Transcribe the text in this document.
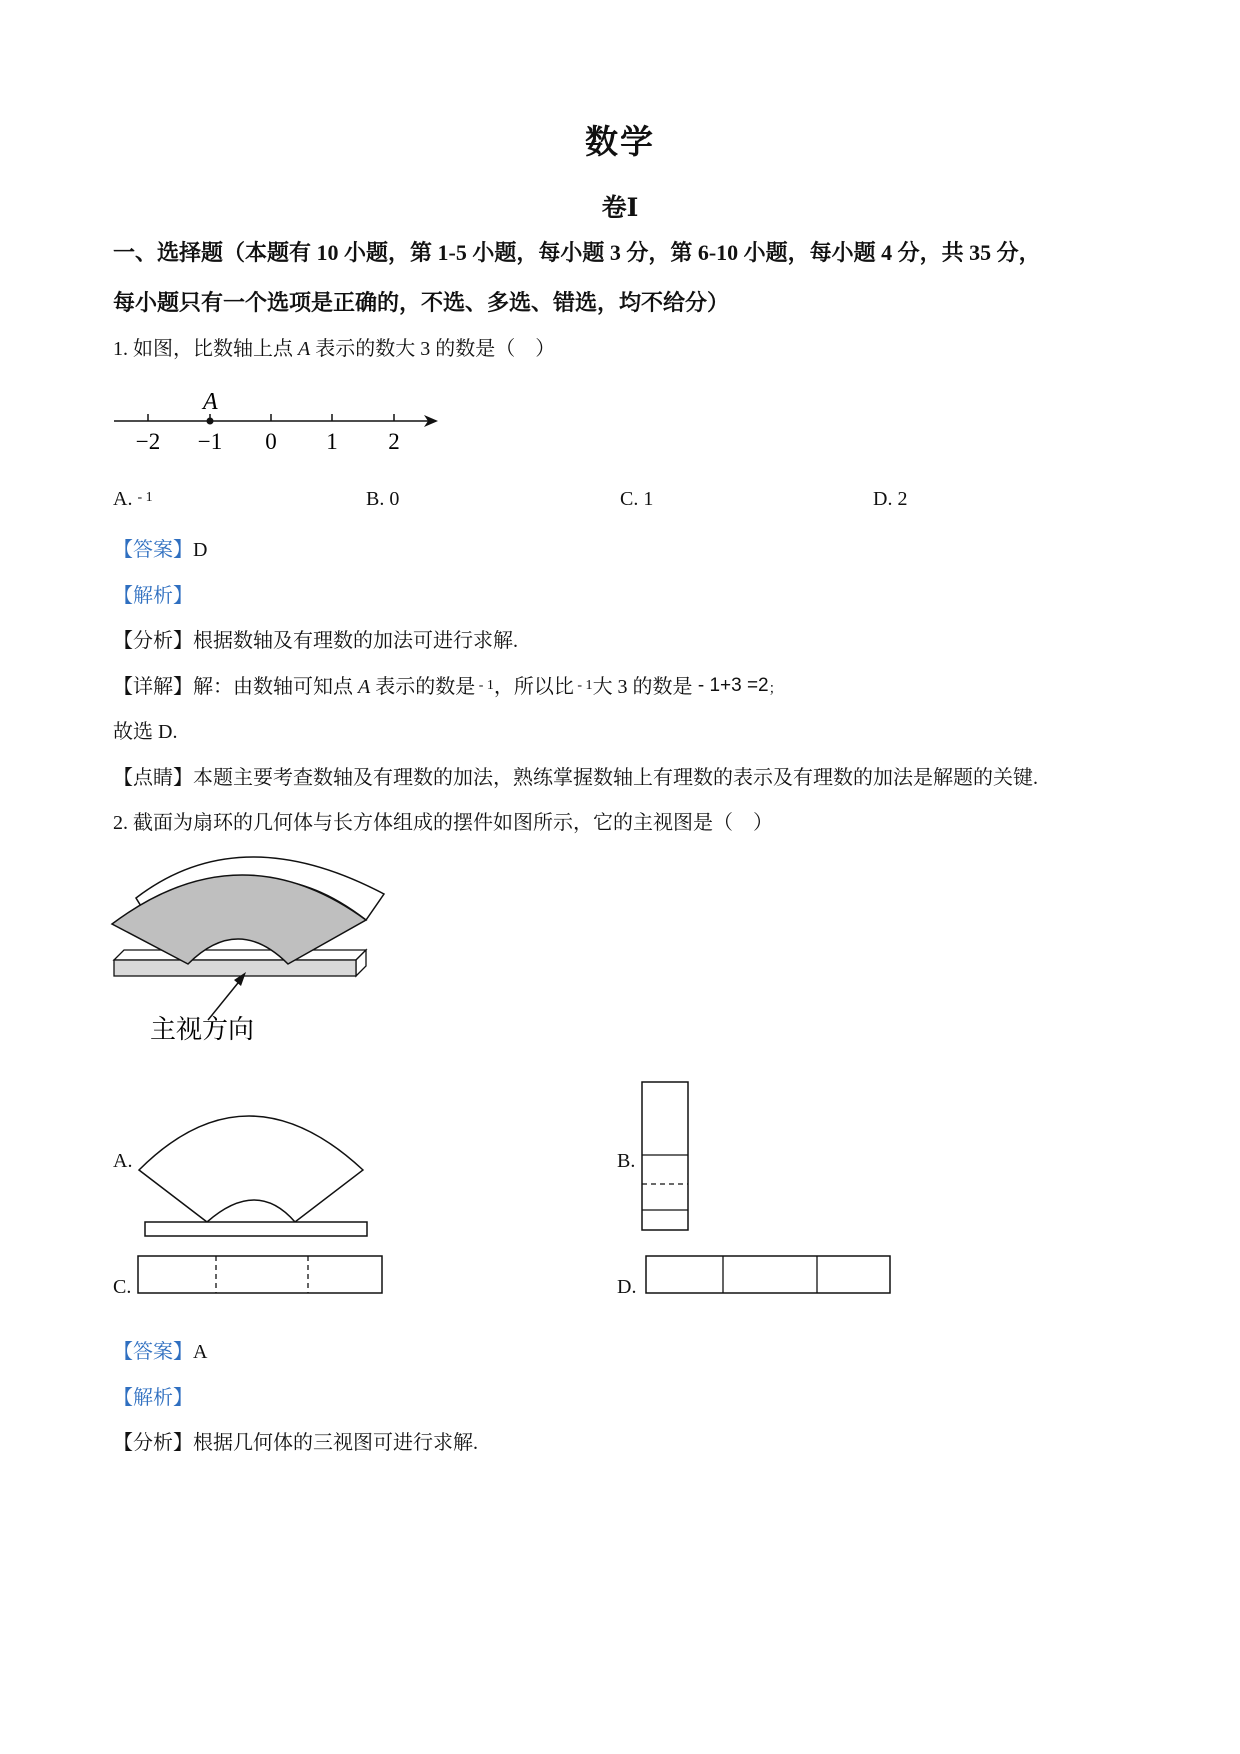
数学
卷Ⅰ
一、选择题（本题有 10 小题，第 1-5 小题，每小题 3 分，第 6-10 小题，每小题 4 分，共 35 分，
每小题只有一个选项是正确的，不选、多选、错选，均不给分）
1. 如图，比数轴上点 A 表示的数大 3 的数是（　）
A
−2 −1 0 1 2
A. $^{- 1}$	B. 0	C. 1	D. 2
【答案】D
【解析】
【分析】根据数轴及有理数的加法可进行求解.
【详解】解：由数轴可知点 A 表示的数是 $^{- 1}$，所以比 $^{- 1}$大 3 的数是 - 1+3 =2；
故选 D.
【点睛】本题主要考查数轴及有理数的加法，熟练掌握数轴上有理数的表示及有理数的加法是解题的关键.
2. 截面为扇环的几何体与长方体组成的摆件如图所示，它的主视图是（　）
主视方向
A.	B.
C.	D.
【答案】A
【解析】
【分析】根据几何体的三视图可进行求解.
